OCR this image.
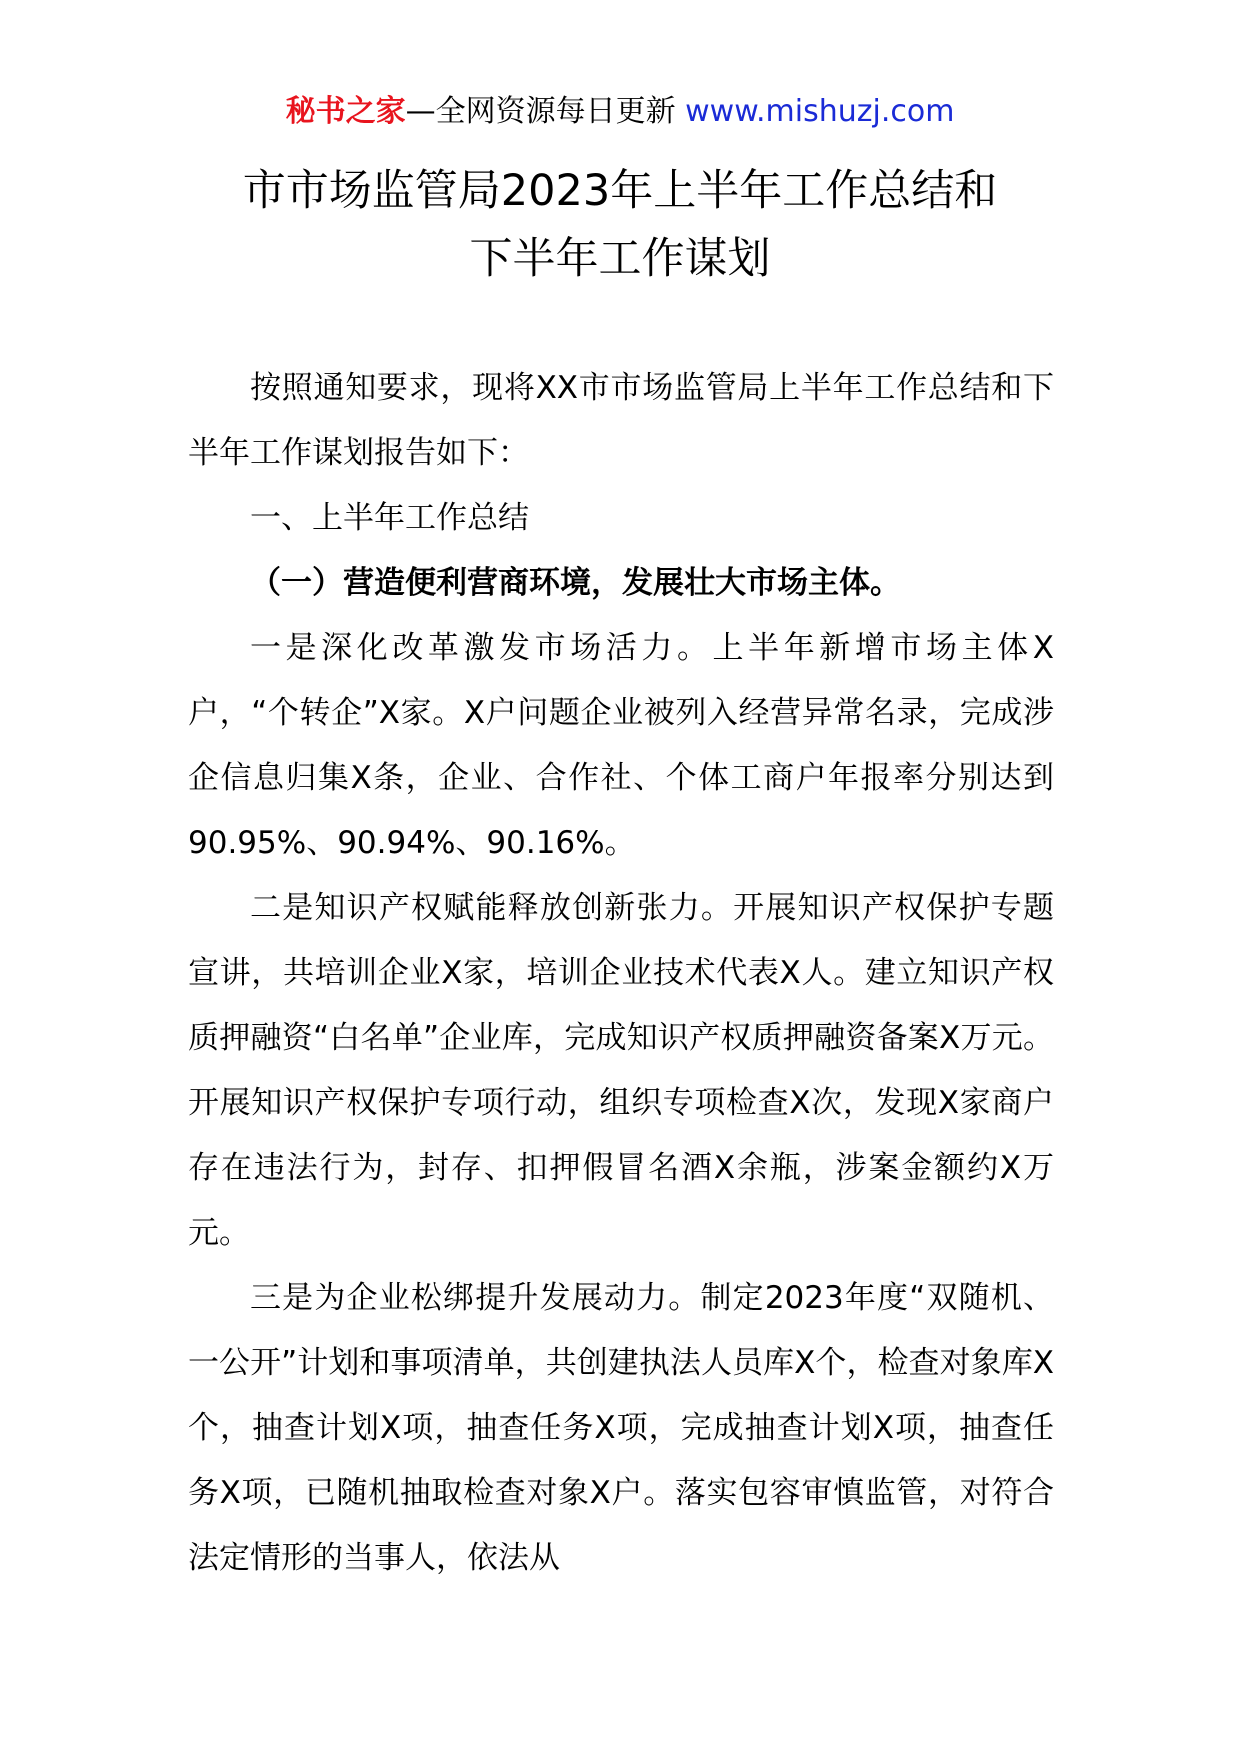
秘书之家—全网资源每日更新 www.mishuzj.com
市市场监管局2023年上半年工作总结和
下半年工作谋划

按照通知要求，现将XX市市场监管局上半年工作总结和下半年工作谋划报告如下：

一、上半年工作总结

（一）营造便利营商环境，发展壮大市场主体。

一是深化改革激发市场活力。上半年新增市场主体X户，“个转企”X家。X户问题企业被列入经营异常名录，完成涉企信息归集X条，企业、合作社、个体工商户年报率分别达到90.95%、90.94%、90.16%。

二是知识产权赋能释放创新张力。开展知识产权保护专题宣讲，共培训企业X家，培训企业技术代表X人。建立知识产权质押融资“白名单”企业库，完成知识产权质押融资备案X万元。开展知识产权保护专项行动，组织专项检查X次，发现X家商户存在违法行为，封存、扣押假冒名酒X余瓶，涉案金额约X万元。

三是为企业松绑提升发展动力。制定2023年度“双随机、一公开”计划和事项清单，共创建执法人员库X个，检查对象库X个，抽查计划X项，抽查任务X项，完成抽查计划X项，抽查任务X项，已随机抽取检查对象X户。落实包容审慎监管，对符合法定情形的当事人，依法从
